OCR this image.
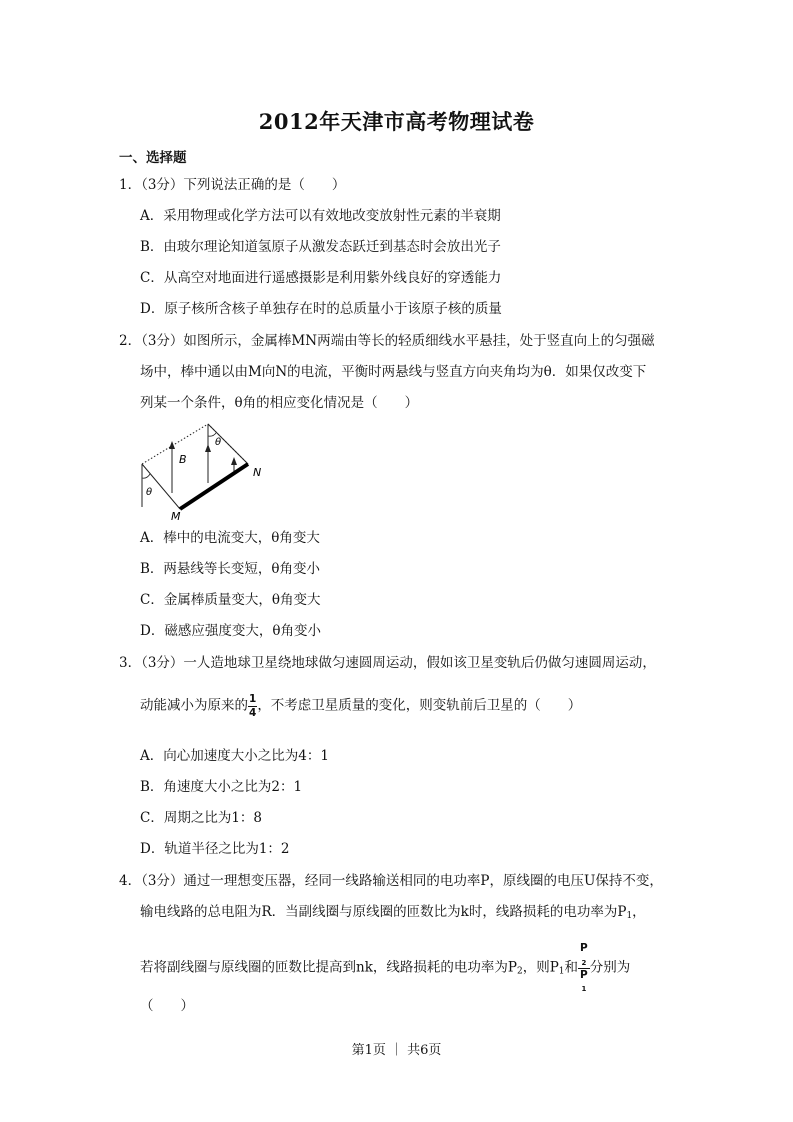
2012年天津市高考物理试卷
一、选择题
1．（3分）下列说法正确的是（　　）
A．采用物理或化学方法可以有效地改变放射性元素的半衰期
B．由玻尔理论知道氢原子从激发态跃迁到基态时会放出光子
C．从高空对地面进行遥感摄影是利用紫外线良好的穿透能力
D．原子核所含核子单独存在时的总质量小于该原子核的质量
2．（3分）如图所示，金属棒MN两端由等长的轻质细线水平悬挂，处于竖直向上的匀强磁
场中，棒中通以由M向N的电流，平衡时两悬线与竖直方向夹角均为θ．如果仅改变下
列某一个条件，θ角的相应变化情况是（　　）
B
N
M
θ
θ
A．棒中的电流变大，θ角变大
B．两悬线等长变短，θ角变小
C．金属棒质量变大，θ角变大
D．磁感应强度变大，θ角变小
3．（3分）一人造地球卫星绕地球做匀速圆周运动，假如该卫星变轨后仍做匀速圆周运动，
动能减小为原来的 $\frac{1}{4}$ ，不考虑卫星质量的变化，则变轨前后卫星的（　　）
A．向心加速度大小之比为4：1
B．角速度大小之比为2：1
C．周期之比为1：8
D．轨道半径之比为1：2
4．（3分）通过一理想变压器，经同一线路输送相同的电功率P，原线圈的电压U保持不变，
输电线路的总电阻为R．当副线圈与原线圈的匝数比为k时，线路损耗的电功率为$P_1$，
若将副线圈与原线圈的匝数比提高到nk，线路损耗的电功率为$P_2$，则$P_1$和 P
$_2$
P
$_1$ 分别为
（　　）
第1页 ｜ 共6页
